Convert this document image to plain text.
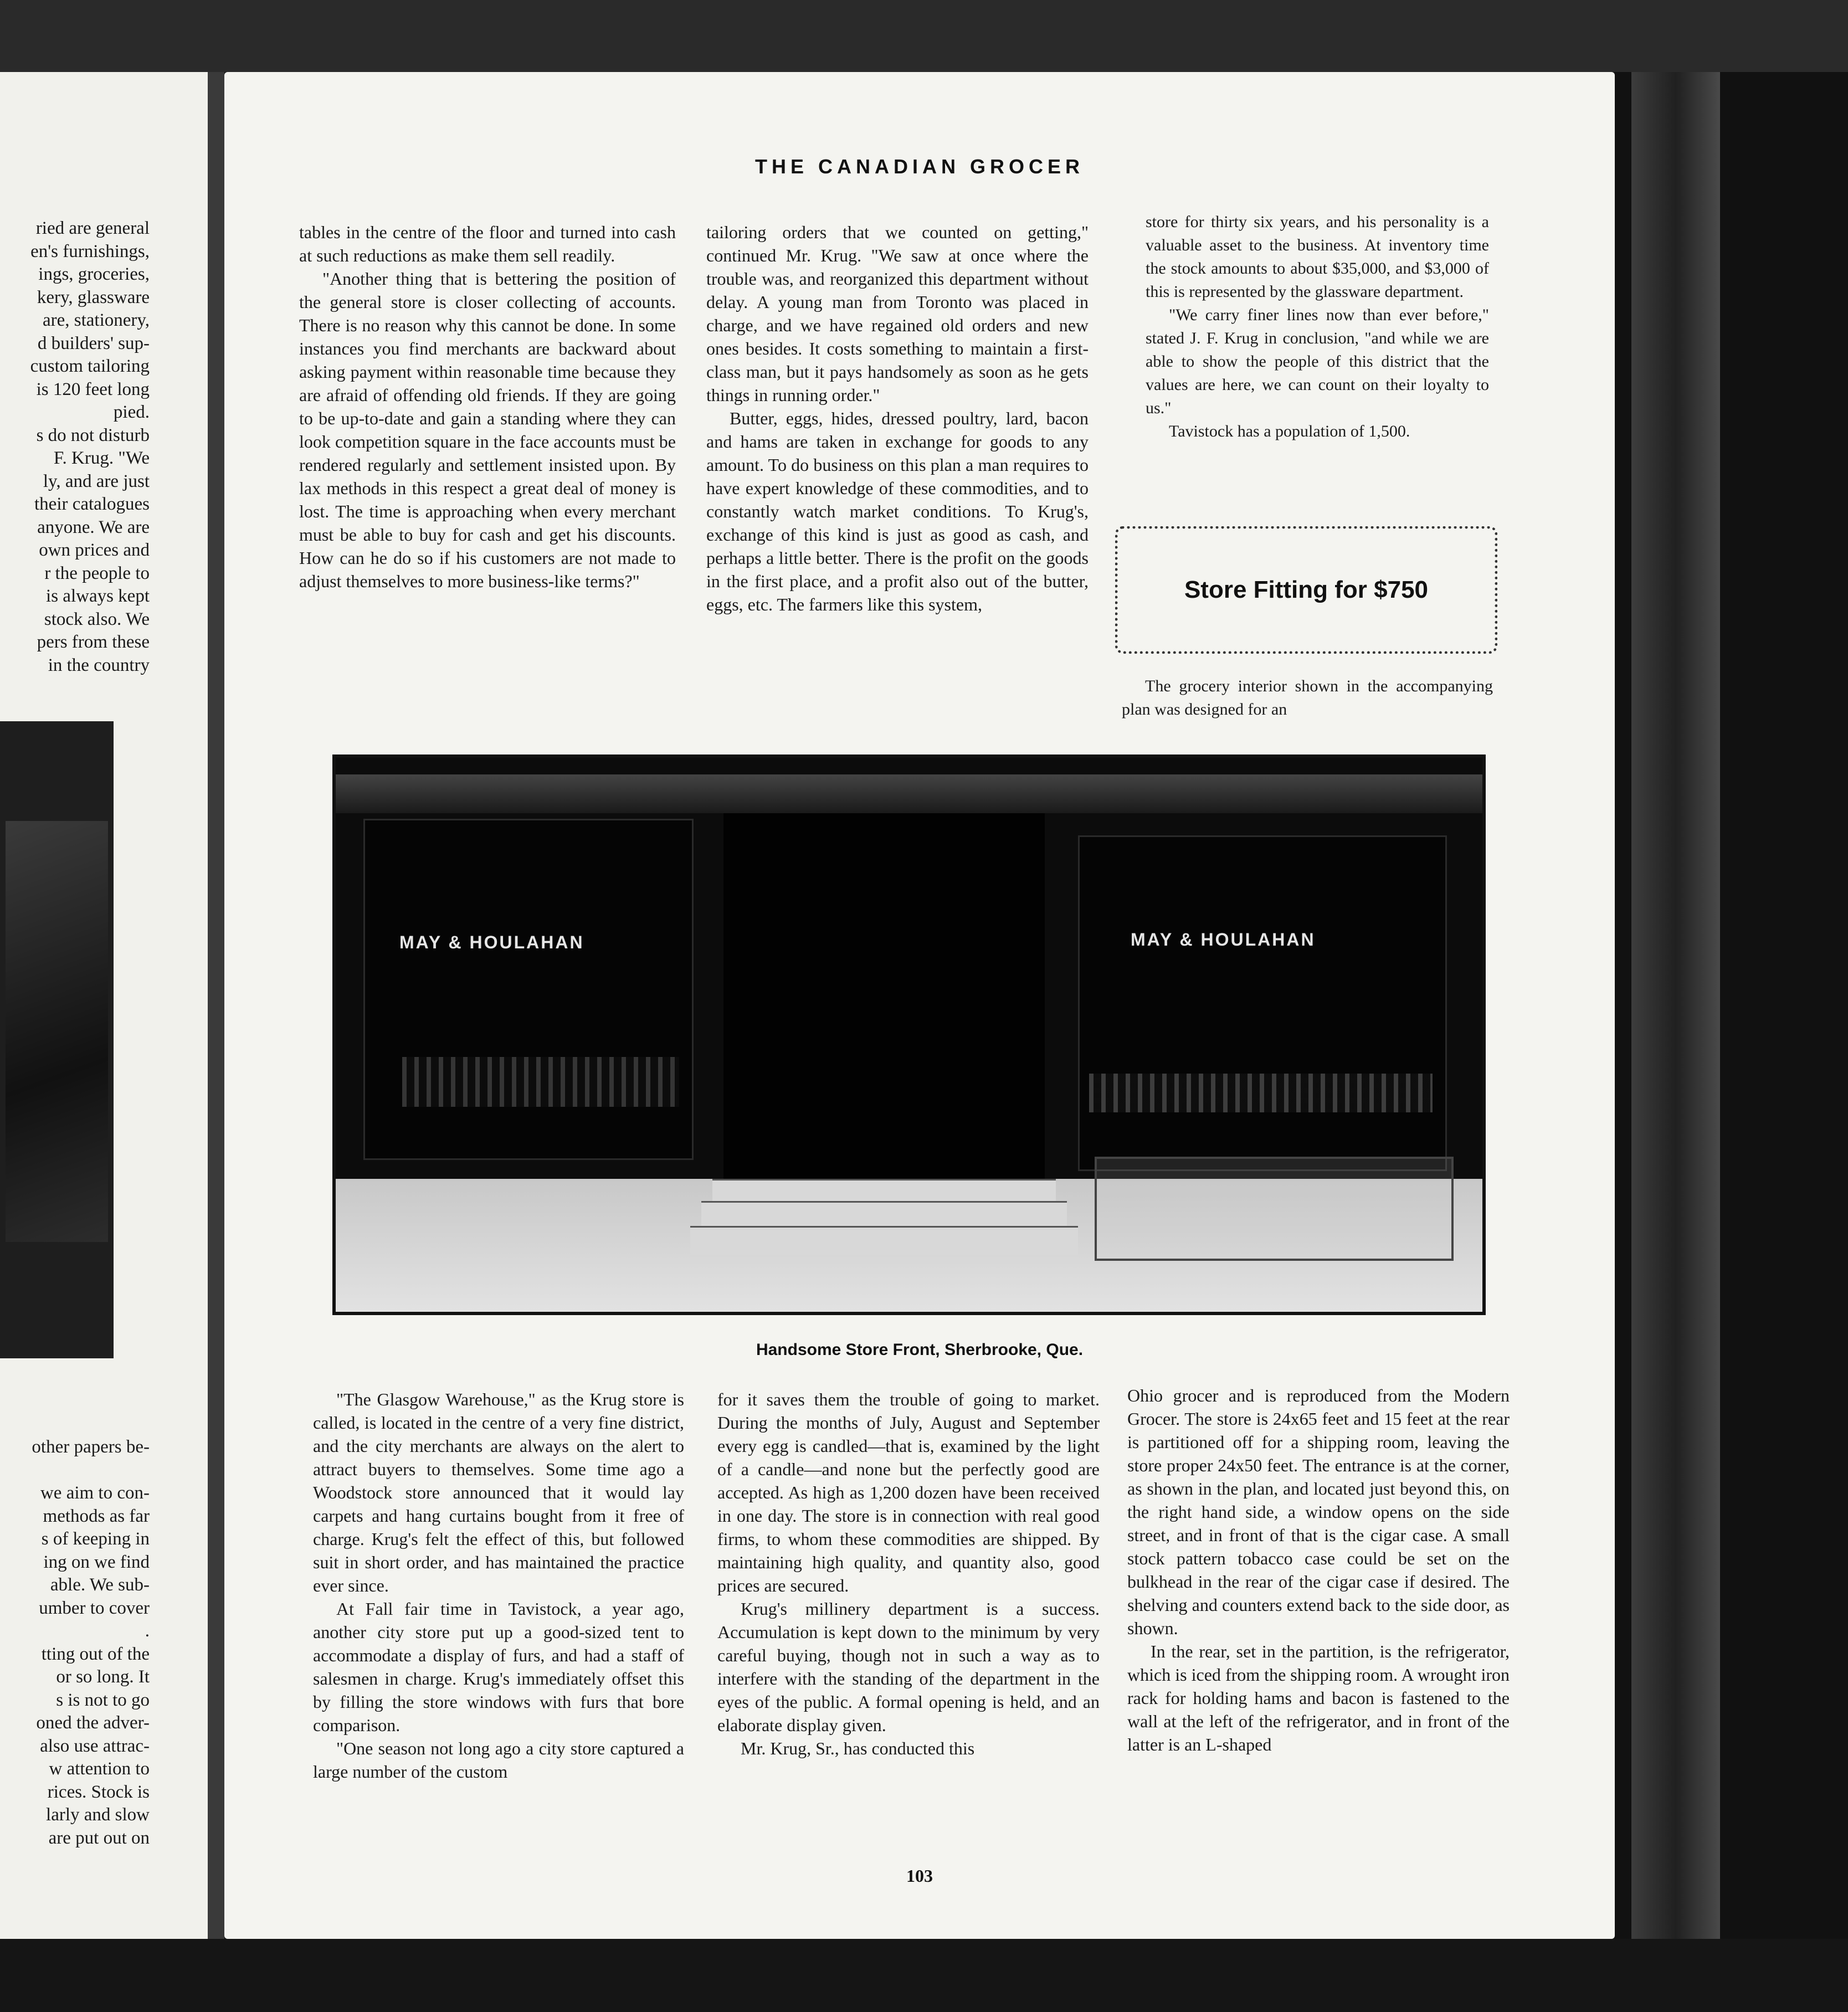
ried are general
en's furnishings,
ings, groceries,
kery, glassware
are, stationery,
d builders' sup-
custom tailoring
is 120 feet long
pied.
s do not disturb
F. Krug. "We
ly, and are just
their catalogues
anyone. We are
own prices and
r the people to
is always kept
stock also. We
pers from these
in the country
other papers be-

we aim to con-
methods as far
s of keeping in
ing on we find
able. We sub-
umber to cover
.
tting out of the
or so long. It
s is not to go
oned the adver-
also use attrac-
w attention to
rices. Stock is
larly and slow
are put out on
THE CANADIAN GROCER

tables in the centre of the floor and turned into cash at such reductions as make them sell readily.

"Another thing that is bettering the position of the general store is closer collecting of accounts. There is no reason why this cannot be done. In some instances you find merchants are backward about asking payment within reasonable time because they are afraid of offending old friends. If they are going to be up-to-date and gain a standing where they can look competition square in the face accounts must be rendered regularly and settlement insisted upon. By lax methods in this respect a great deal of money is lost. The time is approaching when every merchant must be able to buy for cash and get his discounts. How can he do so if his customers are not made to adjust themselves to more business-like terms?"

tailoring orders that we counted on getting," continued Mr. Krug. "We saw at once where the trouble was, and reorganized this department without delay. A young man from Toronto was placed in charge, and we have regained old orders and new ones besides. It costs something to maintain a first-class man, but it pays handsomely as soon as he gets things in running order."

Butter, eggs, hides, dressed poultry, lard, bacon and hams are taken in exchange for goods to any amount. To do business on this plan a man requires to have expert knowledge of these commodities, and to constantly watch market conditions. To Krug's, exchange of this kind is just as good as cash, and perhaps a little better. There is the profit on the goods in the first place, and a profit also out of the butter, eggs, etc. The farmers like this system,

store for thirty six years, and his personality is a valuable asset to the business. At inventory time the stock amounts to about $35,000, and $3,000 of this is represented by the glassware department.

"We carry finer lines now than ever before," stated J. F. Krug in conclusion, "and while we are able to show the people of this district that the values are here, we can count on their loyalty to us."

Tavistock has a population of 1,500.

Store Fitting for $750

The grocery interior shown in the accompanying plan was designed for an

MAY & HOULAHAN	MAY & HOULAHAN
Handsome Store Front, Sherbrooke, Que.

"The Glasgow Warehouse," as the Krug store is called, is located in the centre of a very fine district, and the city merchants are always on the alert to attract buyers to themselves. Some time ago a Woodstock store announced that it would lay carpets and hang curtains bought from it free of charge. Krug's felt the effect of this, but followed suit in short order, and has maintained the practice ever since.

At Fall fair time in Tavistock, a year ago, another city store put up a good-sized tent to accommodate a display of furs, and had a staff of salesmen in charge. Krug's immediately offset this by filling the store windows with furs that bore comparison.

"One season not long ago a city store captured a large number of the custom

for it saves them the trouble of going to market. During the months of July, August and September every egg is candled—that is, examined by the light of a candle—and none but the perfectly good are accepted. As high as 1,200 dozen have been received in one day. The store is in connection with real good firms, to whom these commodities are shipped. By maintaining high quality, and quantity also, good prices are secured.

Krug's millinery department is a success. Accumulation is kept down to the minimum by very careful buying, though not in such a way as to interfere with the standing of the department in the eyes of the public. A formal opening is held, and an elaborate display given.

Mr. Krug, Sr., has conducted this

Ohio grocer and is reproduced from the Modern Grocer. The store is 24x65 feet and 15 feet at the rear is partitioned off for a shipping room, leaving the store proper 24x50 feet. The entrance is at the corner, as shown in the plan, and located just beyond this, on the right hand side, a window opens on the side street, and in front of that is the cigar case. A small stock pattern tobacco case could be set on the bulkhead in the rear of the cigar case if desired. The shelving and counters extend back to the side door, as shown.

In the rear, set in the partition, is the refrigerator, which is iced from the shipping room. A wrought iron rack for holding hams and bacon is fastened to the wall at the left of the refrigerator, and in front of the latter is an L-shaped

103
